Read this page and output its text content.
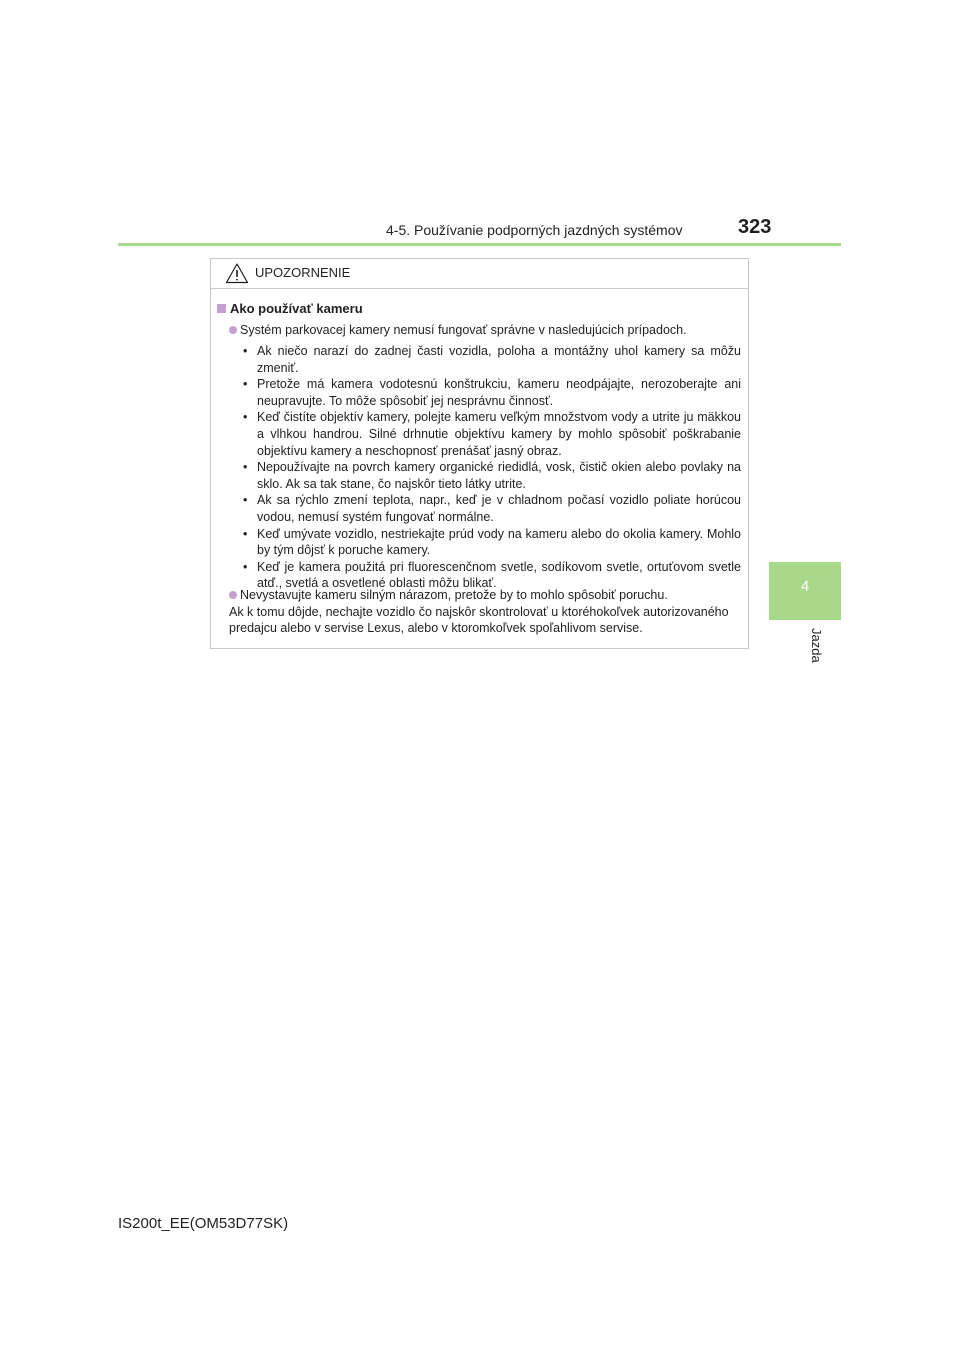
4-5. Používanie podporných jazdných systémov	323
4
Jazda
UPOZORNENIE
Ako používať kameru
Systém parkovacej kamery nemusí fungovať správne v nasledujúcich prípadoch.
• Ak niečo narazí do zadnej časti vozidla, poloha a montážny uhol kamery sa môžu zmeniť.
• Pretože má kamera vodotesnú konštrukciu, kameru neodpájajte, nerozoberajte ani neupravujte. To môže spôsobiť jej nesprávnu činnosť.
• Keď čistíte objektív kamery, polejte kameru veľkým množstvom vody a utrite ju mäkkou a vlhkou handrou. Silné drhnutie objektívu kamery by mohlo spôsobiť poškrabanie objektívu kamery a neschopnosť prenášať jasný obraz.
• Nepoužívajte na povrch kamery organické riedidlá, vosk, čistič okien alebo povlaky na sklo. Ak sa tak stane, čo najskôr tieto látky utrite.
• Ak sa rýchlo zmení teplota, napr., keď je v chladnom počasí vozidlo poliate horúcou vodou, nemusí systém fungovať normálne.
• Keď umývate vozidlo, nestriekajte prúd vody na kameru alebo do okolia kamery. Mohlo by tým dôjsť k poruche kamery.
• Keď je kamera použitá pri fluorescenčnom svetle, sodíkovom svetle, ortuťovom svetle atď., svetlá a osvetlené oblasti môžu blikať.
Nevystavujte kameru silným nárazom, pretože by to mohlo spôsobiť poruchu.
Ak k tomu dôjde, nechajte vozidlo čo najskôr skontrolovať u ktoréhokoľvek autorizovaného predajcu alebo v servise Lexus, alebo v ktoromkoľvek spoľahlivom servise.
IS200t_EE(OM53D77SK)
